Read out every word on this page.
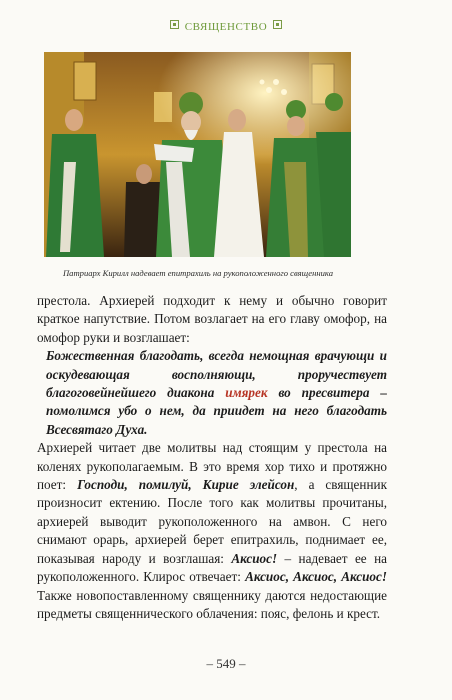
СВЯЩЕНСТВО
Патриарх Кирилл надевает епитрахиль на рукоположенного священника

престола. Архиерей подходит к нему и обычно говорит краткое напутствие. Потом возлагает на его главу омофор, на омофор руки и возглашает:

Божественная благодать, всегда немощная врачующи и оскудевающая восполняющи, проручествует благоговейнейшего диакона имярек во пресвитера – помолимся убо о нем, да приидет на него благодать Всесвятаго Духа.

Архиерей читает две молитвы над стоящим у престола на коленях рукополагаемым. В это время хор тихо и протяжно поет: Господи, помилуй, Кирие элейсон, а священник произносит ектению. После того как молитвы прочитаны, архиерей выводит рукоположенного на амвон. С него снимают орарь, архиерей берет епитрахиль, поднимает ее, показывая народу и возглашая: Аксиос! – надевает ее на рукоположенного. Клирос отвечает: Аксиос, Аксиос, Аксиос! Также новопоставленному священнику даются недостающие предметы священнического облачения: пояс, фелонь и крест.

– 549 –
